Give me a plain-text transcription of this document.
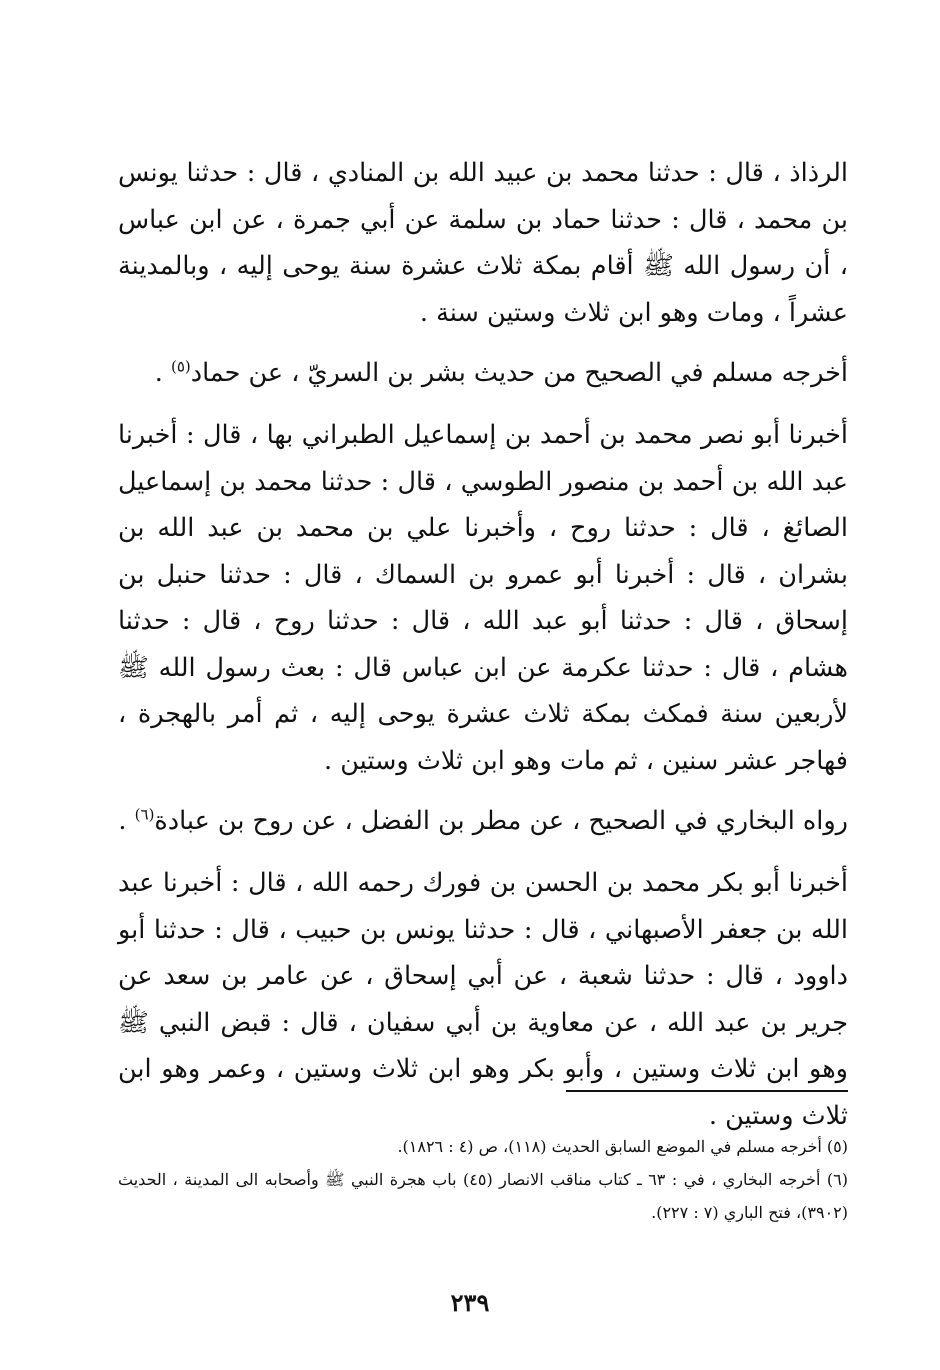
الرذاذ ، قال : حدثنا محمد بن عبيد الله بن المنادي ، قال : حدثنا يونس بن محمد ، قال : حدثنا حماد بن سلمة عن أبي جمرة ، عن ابن عباس ، أن رسول الله ﷺ أقام بمكة ثلاث عشرة سنة يوحى إليه ، وبالمدينة عشراً ، ومات وهو ابن ثلاث وستين سنة .

أخرجه مسلم في الصحيح من حديث بشر بن السريّ ، عن حماد$^{(٥)}$ .

أخبرنا أبو نصر محمد بن أحمد بن إسماعيل الطبراني بها ، قال : أخبرنا عبد الله بن أحمد بن منصور الطوسي ، قال : حدثنا محمد بن إسماعيل الصائغ ، قال : حدثنا روح ، وأخبرنا علي بن محمد بن عبد الله بن بشران ، قال : أخبرنا أبو عمرو بن السماك ، قال : حدثنا حنبل بن إسحاق ، قال : حدثنا أبو عبد الله ، قال : حدثنا روح ، قال : حدثنا هشام ، قال : حدثنا عكرمة عن ابن عباس قال : بعث رسول الله ﷺ لأربعين سنة فمكث بمكة ثلاث عشرة يوحى إليه ، ثم أمر بالهجرة ، فهاجر عشر سنين ، ثم مات وهو ابن ثلاث وستين .

رواه البخاري في الصحيح ، عن مطر بن الفضل ، عن روح بن عبادة$^{(٦)}$ .

أخبرنا أبو بكر محمد بن الحسن بن فورك رحمه الله ، قال : أخبرنا عبد الله بن جعفر الأصبهاني ، قال : حدثنا يونس بن حبيب ، قال : حدثنا أبو داوود ، قال : حدثنا شعبة ، عن أبي إسحاق ، عن عامر بن سعد عن جرير بن عبد الله ، عن معاوية بن أبي سفيان ، قال : قبض النبي ﷺ وهو ابن ثلاث وستين ، وأبو بكر وهو ابن ثلاث وستين ، وعمر وهو ابن ثلاث وستين .

(٥) أخرجه مسلم في الموضع السابق الحديث (١١٨)، ص (٤ : ١٨٢٦).

(٦) أخرجه البخاري ، في : ٦٣ ـ كتاب مناقب الانصار (٤٥) باب هجرة النبي ﷺ وأصحابه الى المدينة ، الحديث (٣٩٠٢)، فتح الباري (٧ : ٢٢٧).

٢٣٩
